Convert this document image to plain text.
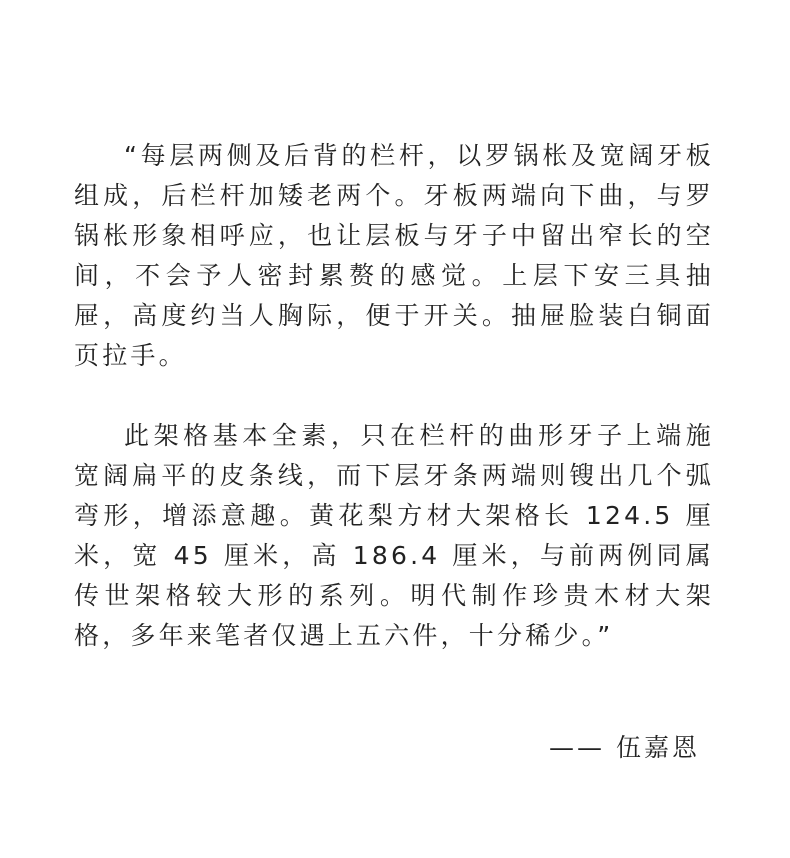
“每层两侧及后背的栏杆，以罗锅枨及宽阔牙板组成，后栏杆加矮老两个。牙板两端向下曲，与罗锅枨形象相呼应，也让层板与牙子中留出窄长的空间，不会予人密封累赘的感觉。上层下安三具抽屉，高度约当人胸际，便于开关。抽屉脸装白铜面页拉手。

此架格基本全素，只在栏杆的曲形牙子上端施宽阔扁平的皮条线，而下层牙条两端则锼出几个弧弯形，增添意趣。黄花梨方材大架格长 124.5 厘米，宽 45 厘米，高 186.4 厘米，与前两例同属传世架格较大形的系列。明代制作珍贵木材大架格，多年来笔者仅遇上五六件，十分稀少。”

—— 伍嘉恩
